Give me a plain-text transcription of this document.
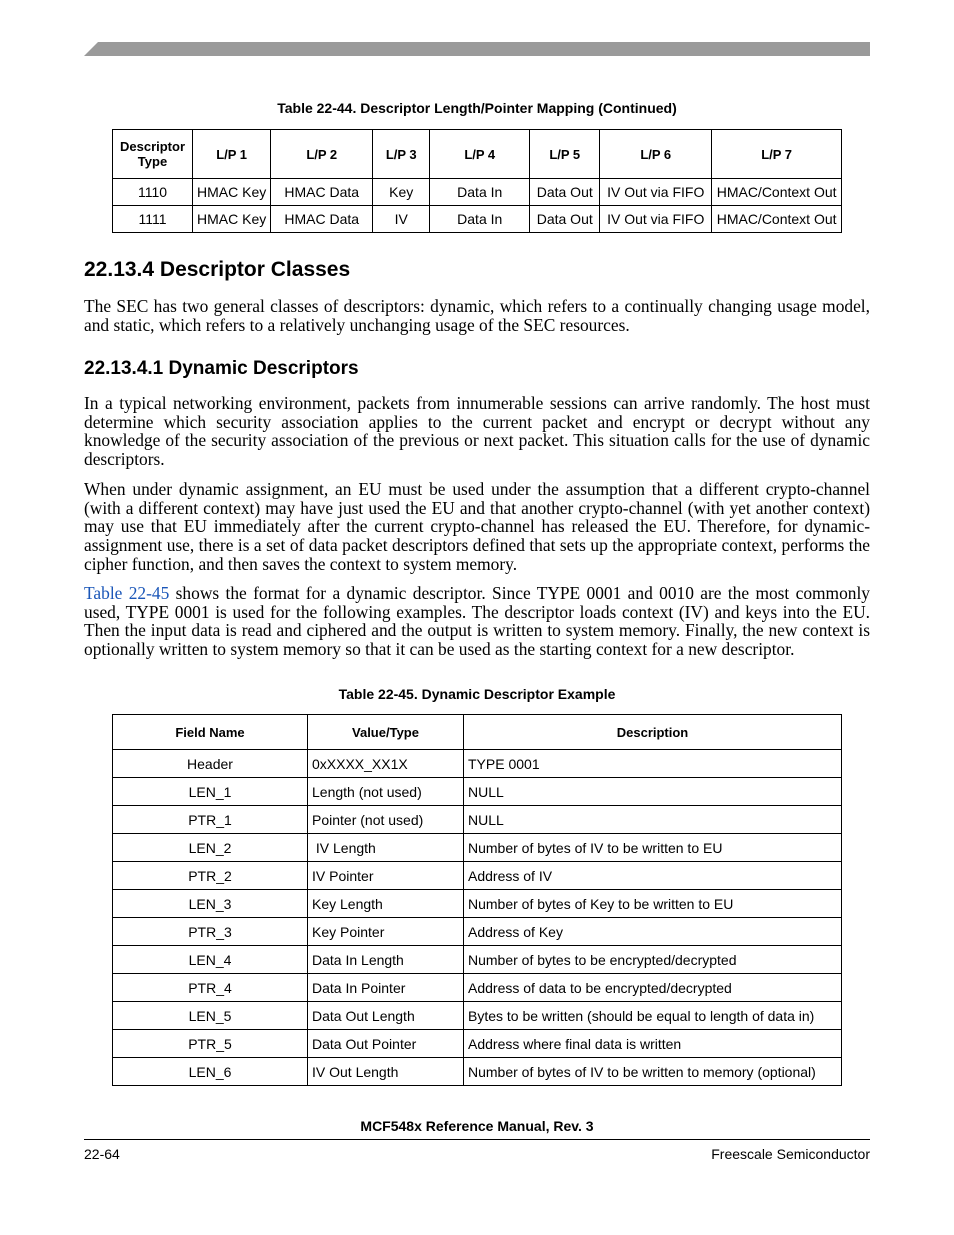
Table 22-44. Descriptor Length/Pointer Mapping (Continued)
Descriptor Type	L/P 1	L/P 2	L/P 3	L/P 4	L/P 5	L/P 6	L/P 7
1110	HMAC Key	HMAC Data	Key	Data In	Data Out	IV Out via FIFO	HMAC/Context Out
1111	HMAC Key	HMAC Data	IV	Data In	Data Out	IV Out via FIFO	HMAC/Context Out
22.13.4 Descriptor Classes

The SEC has two general classes of descriptors: dynamic, which refers to a continually changing usage model, and static, which refers to a relatively unchanging usage of the SEC resources.

22.13.4.1 Dynamic Descriptors

In a typical networking environment, packets from innumerable sessions can arrive randomly. The host must determine which security association applies to the current packet and encrypt or decrypt without any knowledge of the security association of the previous or next packet. This situation calls for the use of dynamic descriptors.

When under dynamic assignment, an EU must be used under the assumption that a different crypto-channel (with a different context) may have just used the EU and that another crypto-channel (with yet another context) may use that EU immediately after the current crypto-channel has released the EU. Therefore, for dynamic-assignment use, there is a set of data packet descriptors defined that sets up the appropriate context, performs the cipher function, and then saves the context to system memory.

Table 22-45 shows the format for a dynamic descriptor. Since TYPE 0001 and 0010 are the most commonly used, TYPE 0001 is used for the following examples. The descriptor loads context (IV) and keys into the EU. Then the input data is read and ciphered and the output is written to system memory. Finally, the new context is optionally written to system memory so that it can be used as the starting context for a new descriptor.

Table 22-45. Dynamic Descriptor Example
Field Name	Value/Type	Description
Header	0xXXXX_XX1X	TYPE 0001
LEN_1	Length (not used)	NULL
PTR_1	Pointer (not used)	NULL
LEN_2	IV Length	Number of bytes of IV to be written to EU
PTR_2	IV Pointer	Address of IV
LEN_3	Key Length	Number of bytes of Key to be written to EU
PTR_3	Key Pointer	Address of Key
LEN_4	Data In Length	Number of bytes to be encrypted/decrypted
PTR_4	Data In Pointer	Address of data to be encrypted/decrypted
LEN_5	Data Out Length	Bytes to be written (should be equal to length of data in)
PTR_5	Data Out Pointer	Address where final data is written
LEN_6	IV Out Length	Number of bytes of IV to be written to memory (optional)
MCF548x Reference Manual, Rev. 3
22-64	Freescale Semiconductor
